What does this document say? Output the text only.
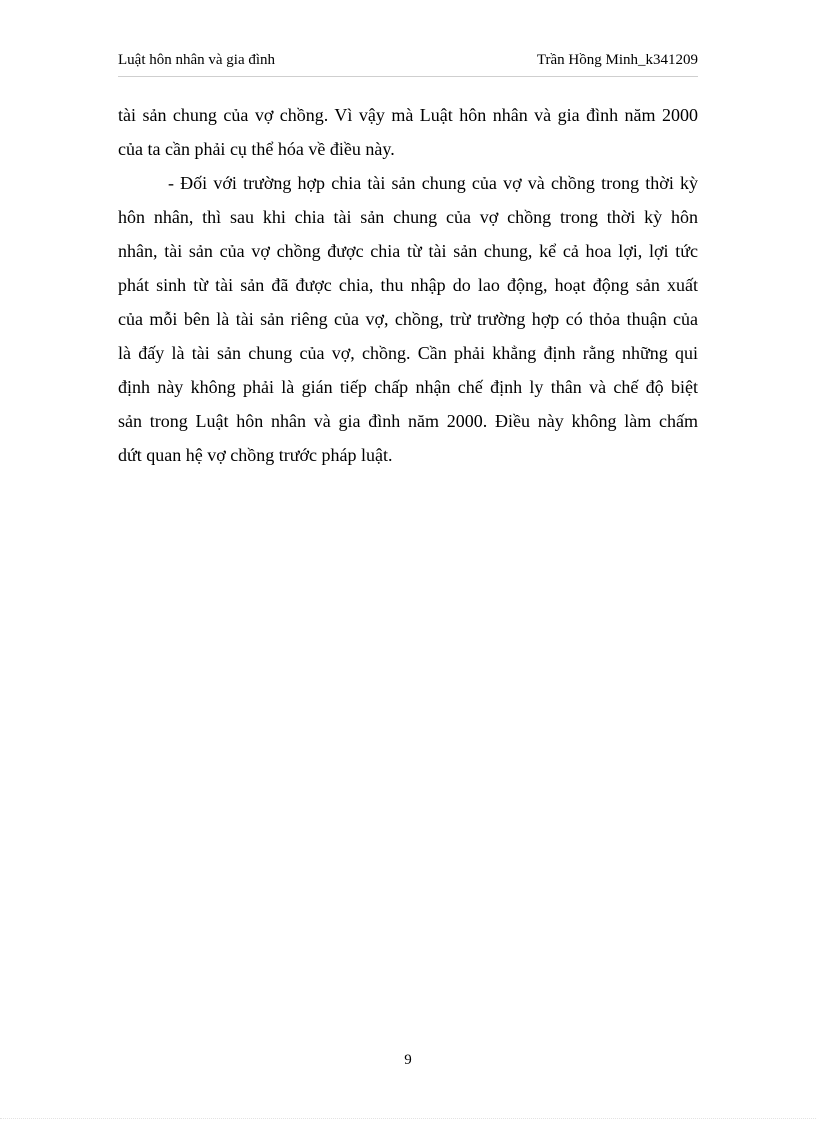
Luật hôn nhân và gia đình	Trần Hồng Minh_k341209
tài sản chung của vợ chồng. Vì vậy mà Luật hôn nhân và gia đình năm 2000
của ta cần phải cụ thể hóa về điều này.
- Đối với trường hợp chia tài sản chung của vợ và chồng trong thời kỳ
hôn nhân, thì sau khi chia tài sản chung của vợ chồng trong thời kỳ hôn
nhân, tài sản của vợ chồng được chia từ tài sản chung, kể cả hoa lợi, lợi tức
phát sinh từ tài sản đã được chia, thu nhập do lao động, hoạt động sản xuất
của mỗi bên là tài sản riêng của vợ, chồng, trừ trường hợp có thỏa thuận của
là đấy là tài sản chung của vợ, chồng. Cần phải khẳng định rằng những qui
định này không phải là gián tiếp chấp nhận chế định ly thân và chế độ biệt
sản trong Luật hôn nhân và gia đình năm 2000. Điều này không làm chấm
dứt quan hệ vợ chồng trước pháp luật.
9
